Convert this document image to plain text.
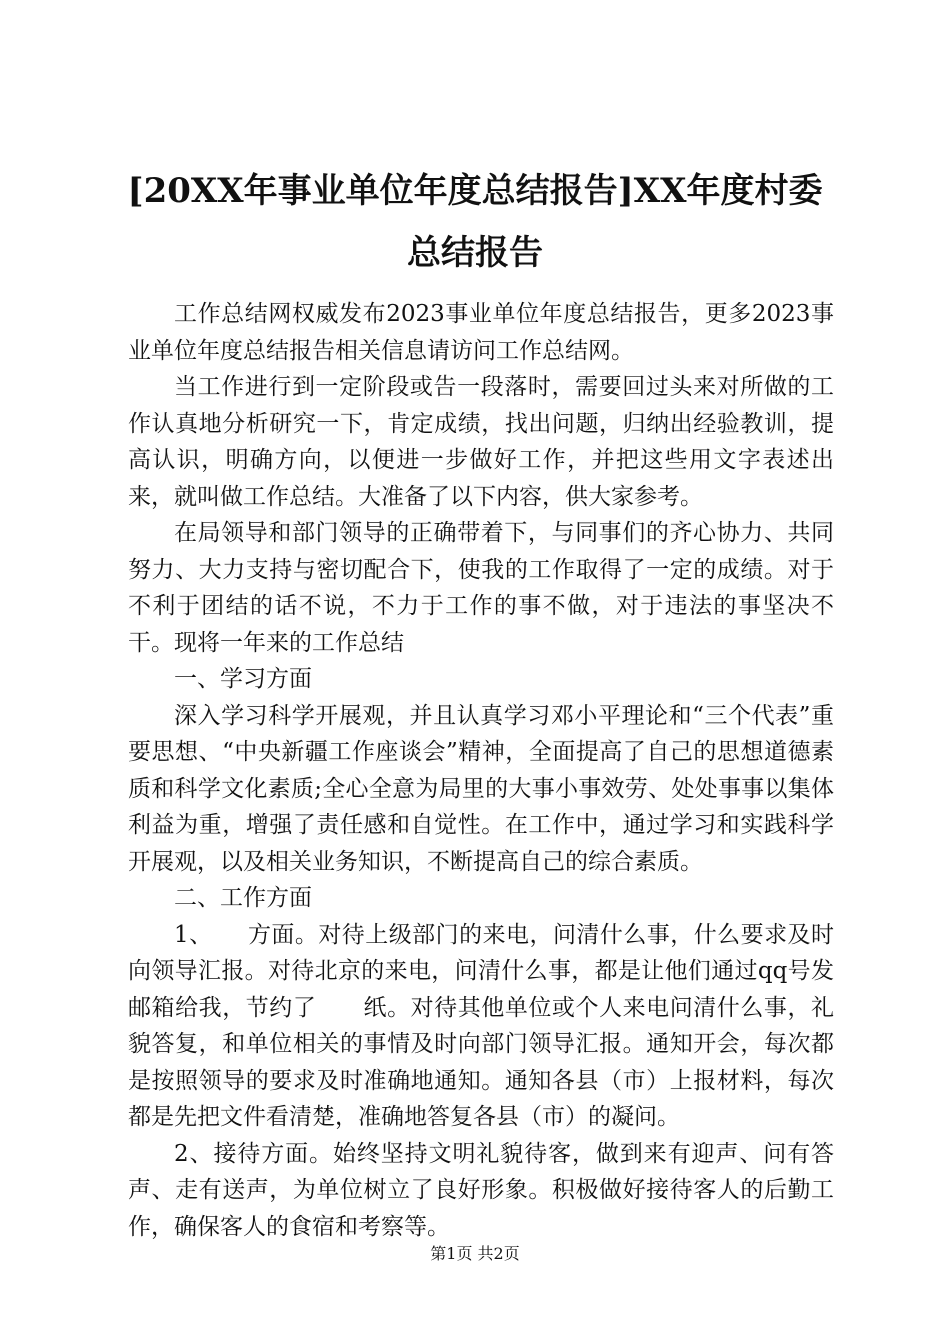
[20XX年事业单位年度总结报告]XX年度村委总结报告

工作总结网权威发布2023事业单位年度总结报告，更多2023事业单位年度总结报告相关信息请访问工作总结网。

当工作进行到一定阶段或告一段落时，需要回过头来对所做的工作认真地分析研究一下，肯定成绩，找出问题，归纳出经验教训，提高认识，明确方向，以便进一步做好工作，并把这些用文字表述出来，就叫做工作总结。大准备了以下内容，供大家参考。

在局领导和部门领导的正确带着下，与同事们的齐心协力、共同努力、大力支持与密切配合下，使我的工作取得了一定的成绩。对于不利于团结的话不说，不力于工作的事不做，对于违法的事坚决不干。现将一年来的工作总结

一、学习方面

深入学习科学开展观，并且认真学习邓小平理论和“三个代表”重要思想、“中央新疆工作座谈会”精神，全面提高了自己的思想道德素质和科学文化素质;全心全意为局里的大事小事效劳、处处事事以集体利益为重，增强了责任感和自觉性。在工作中，通过学习和实践科学开展观，以及相关业务知识，不断提高自己的综合素质。

二、工作方面

1、　　方面。对待上级部门的来电，问清什么事，什么要求及时向领导汇报。对待北京的来电，问清什么事，都是让他们通过qq号发邮箱给我，节约了　　纸。对待其他单位或个人来电问清什么事，礼貌答复，和单位相关的事情及时向部门领导汇报。通知开会，每次都是按照领导的要求及时准确地通知。通知各县（市）上报材料，每次都是先把文件看清楚，准确地答复各县（市）的凝问。

2、接待方面。始终坚持文明礼貌待客，做到来有迎声、问有答声、走有送声，为单位树立了良好形象。积极做好接待客人的后勤工作，确保客人的食宿和考察等。

第1页 共2页
